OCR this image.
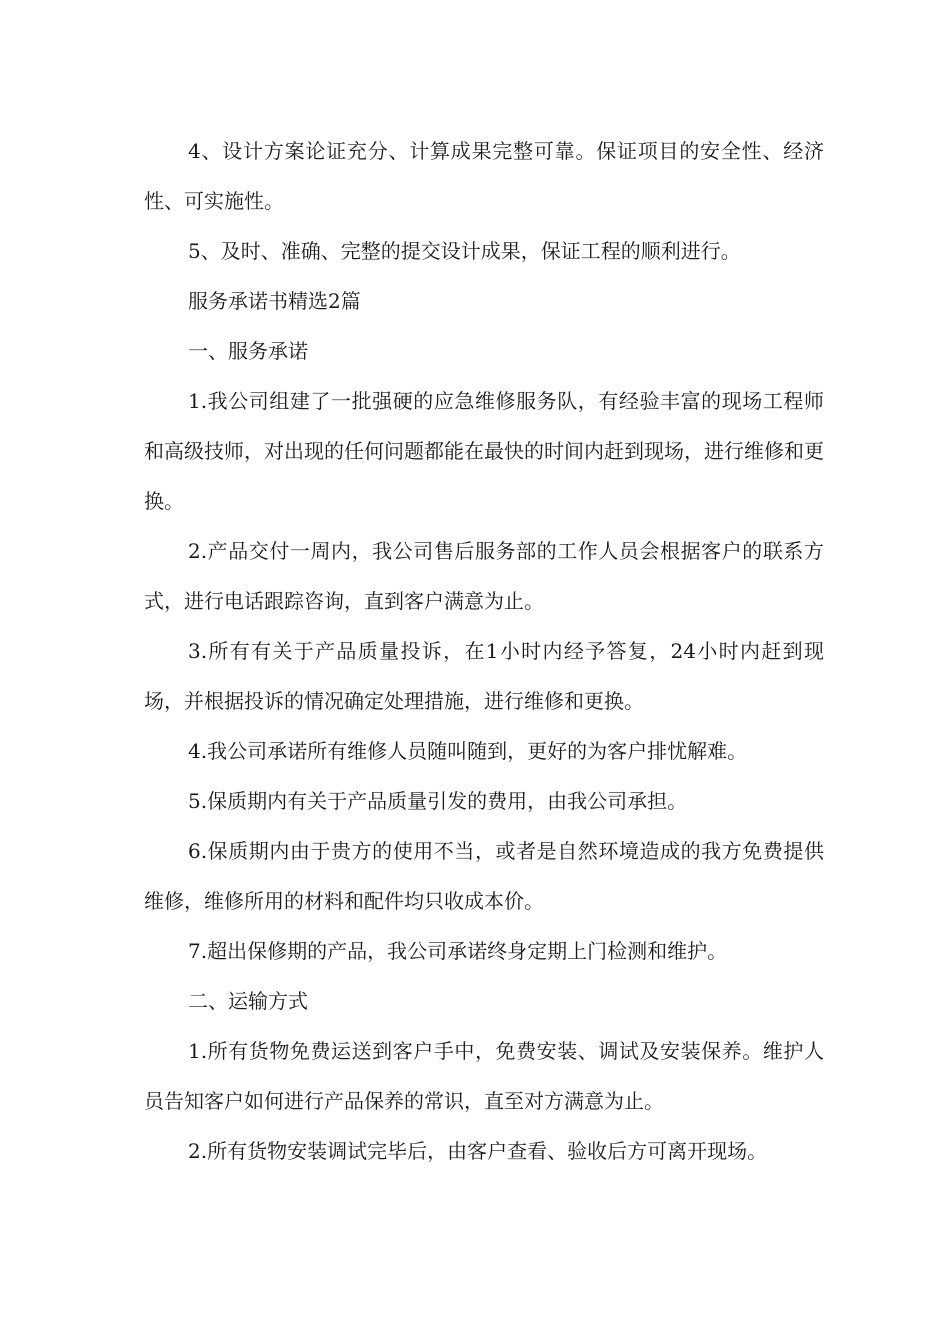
4、设计方案论证充分、计算成果完整可靠。保证项目的安全性、经济性、可实施性。

5、及时、准确、完整的提交设计成果，保证工程的顺利进行。

服务承诺书精选2篇

一、服务承诺

1.我公司组建了一批强硬的应急维修服务队，有经验丰富的现场工程师和高级技师，对出现的任何问题都能在最快的时间内赶到现场，进行维修和更换。

2.产品交付一周内，我公司售后服务部的工作人员会根据客户的联系方式，进行电话跟踪咨询，直到客户满意为止。

3.所有有关于产品质量投诉，在1小时内经予答复，24小时内赶到现场，并根据投诉的情况确定处理措施，进行维修和更换。

4.我公司承诺所有维修人员随叫随到，更好的为客户排忧解难。

5.保质期内有关于产品质量引发的费用，由我公司承担。

6.保质期内由于贵方的使用不当，或者是自然环境造成的我方免费提供维修，维修所用的材料和配件均只收成本价。

7.超出保修期的产品，我公司承诺终身定期上门检测和维护。

二、运输方式

1.所有货物免费运送到客户手中，免费安装、调试及安装保养。维护人员告知客户如何进行产品保养的常识，直至对方满意为止。

2.所有货物安装调试完毕后，由客户查看、验收后方可离开现场。
